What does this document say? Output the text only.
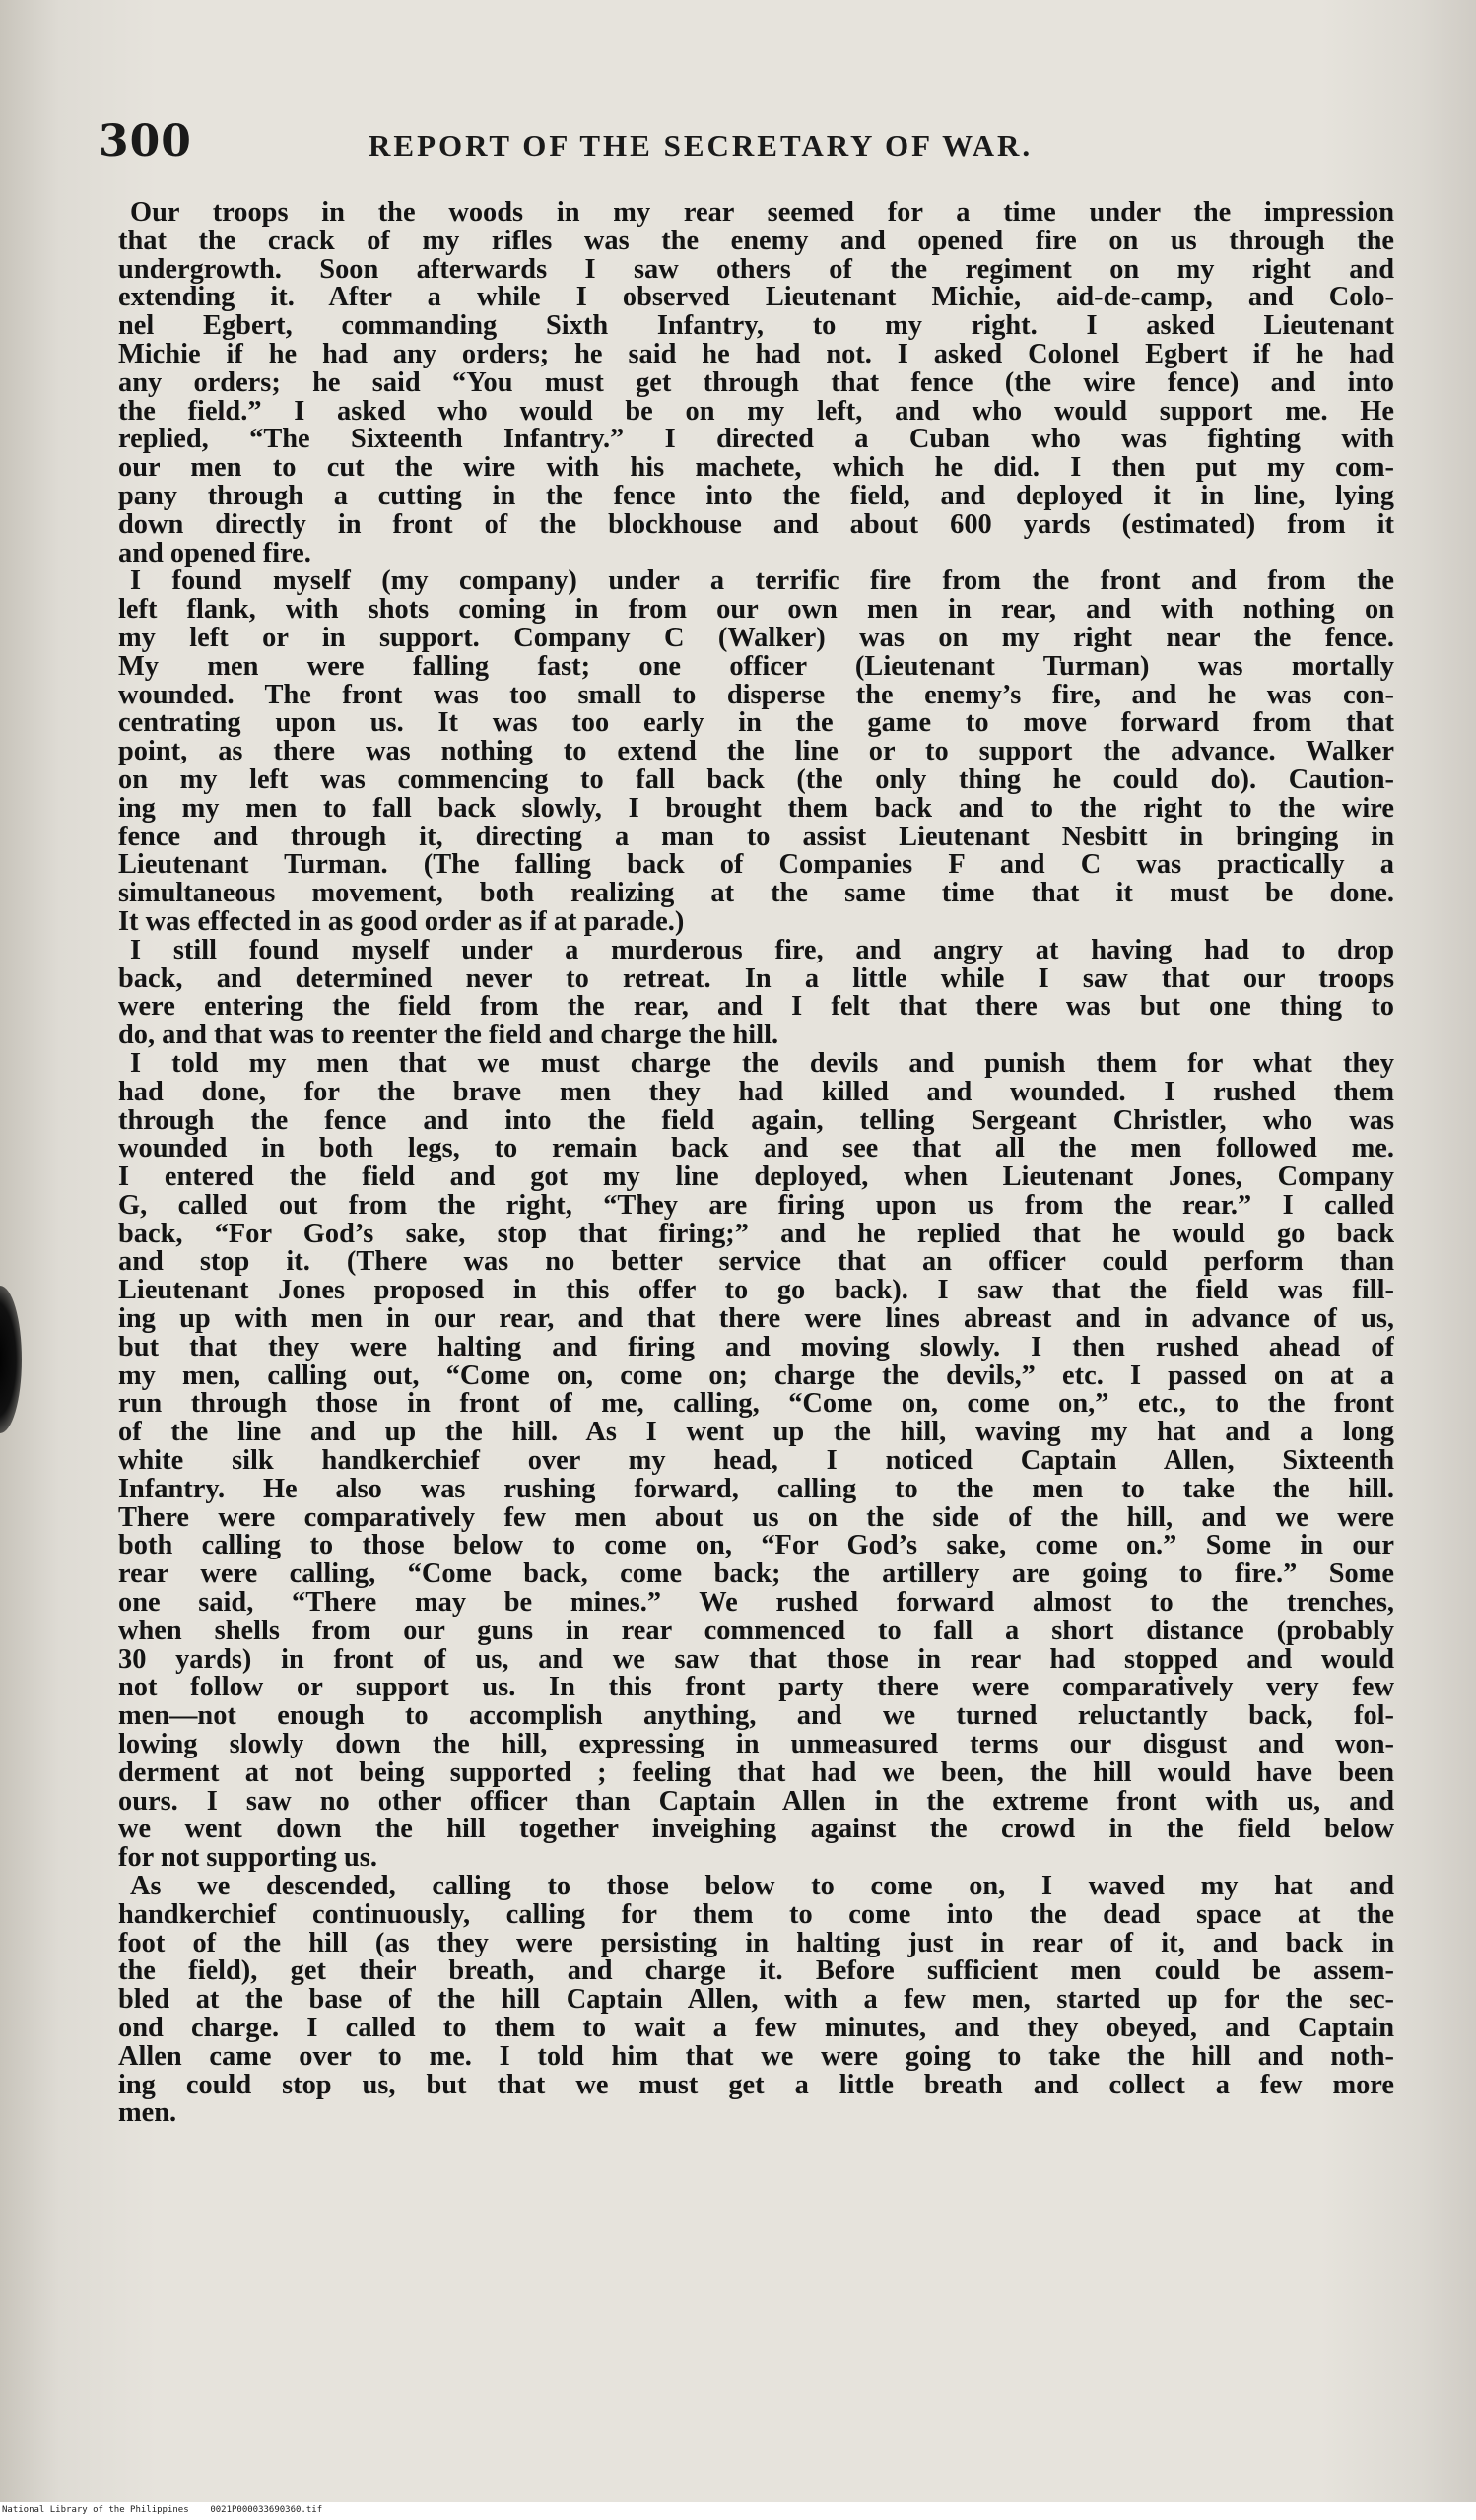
300	REPORT OF THE SECRETARY OF WAR.
Our troops in the woods in my rear seemed for a time under the impression
that the crack of my rifles was the enemy and opened fire on us through the
undergrowth. Soon afterwards I saw others of the regiment on my right and
extending it. After a while I observed Lieutenant Michie, aid-de-camp, and Colo-
nel Egbert, commanding Sixth Infantry, to my right. I asked Lieutenant
Michie if he had any orders; he said he had not. I asked Colonel Egbert if he had
any orders; he said “You must get through that fence (the wire fence) and into
the field.” I asked who would be on my left, and who would support me. He
replied, “The Sixteenth Infantry.” I directed a Cuban who was fighting with
our men to cut the wire with his machete, which he did. I then put my com-
pany through a cutting in the fence into the field, and deployed it in line, lying
down directly in front of the blockhouse and about 600 yards (estimated) from it
and opened fire.
I found myself (my company) under a terrific fire from the front and from the
left flank, with shots coming in from our own men in rear, and with nothing on
my left or in support. Company C (Walker) was on my right near the fence.
My men were falling fast; one officer (Lieutenant Turman) was mortally
wounded. The front was too small to disperse the enemy’s fire, and he was con-
centrating upon us. It was too early in the game to move forward from that
point, as there was nothing to extend the line or to support the advance. Walker
on my left was commencing to fall back (the only thing he could do). Caution-
ing my men to fall back slowly, I brought them back and to the right to the wire
fence and through it, directing a man to assist Lieutenant Nesbitt in bringing in
Lieutenant Turman. (The falling back of Companies F and C was practically a
simultaneous movement, both realizing at the same time that it must be done.
It was effected in as good order as if at parade.)
I still found myself under a murderous fire, and angry at having had to drop
back, and determined never to retreat. In a little while I saw that our troops
were entering the field from the rear, and I felt that there was but one thing to
do, and that was to reenter the field and charge the hill.
I told my men that we must charge the devils and punish them for what they
had done, for the brave men they had killed and wounded. I rushed them
through the fence and into the field again, telling Sergeant Christler, who was
wounded in both legs, to remain back and see that all the men followed me.
I entered the field and got my line deployed, when Lieutenant Jones, Company
G, called out from the right, “They are firing upon us from the rear.” I called
back, “For God’s sake, stop that firing;” and he replied that he would go back
and stop it. (There was no better service that an officer could perform than
Lieutenant Jones proposed in this offer to go back). I saw that the field was fill-
ing up with men in our rear, and that there were lines abreast and in advance of us,
but that they were halting and firing and moving slowly. I then rushed ahead of
my men, calling out, “Come on, come on; charge the devils,” etc. I passed on at a
run through those in front of me, calling, “Come on, come on,” etc., to the front
of the line and up the hill. As I went up the hill, waving my hat and a long
white silk handkerchief over my head, I noticed Captain Allen, Sixteenth
Infantry. He also was rushing forward, calling to the men to take the hill.
There were comparatively few men about us on the side of the hill, and we were
both calling to those below to come on, “For God’s sake, come on.” Some in our
rear were calling, “Come back, come back; the artillery are going to fire.” Some
one said, “There may be mines.” We rushed forward almost to the trenches,
when shells from our guns in rear commenced to fall a short distance (probably
30 yards) in front of us, and we saw that those in rear had stopped and would
not follow or support us. In this front party there were comparatively very few
men—not enough to accomplish anything, and we turned reluctantly back, fol-
lowing slowly down the hill, expressing in unmeasured terms our disgust and won-
derment at not being supported ; feeling that had we been, the hill would have been
ours. I saw no other officer than Captain Allen in the extreme front with us, and
we went down the hill together inveighing against the crowd in the field below
for not supporting us.
As we descended, calling to those below to come on, I waved my hat and
handkerchief continuously, calling for them to come into the dead space at the
foot of the hill (as they were persisting in halting just in rear of it, and back in
the field), get their breath, and charge it. Before sufficient men could be assem-
bled at the base of the hill Captain Allen, with a few men, started up for the sec-
ond charge. I called to them to wait a few minutes, and they obeyed, and Captain
Allen came over to me. I told him that we were going to take the hill and noth-
ing could stop us, but that we must get a little breath and collect a few more
men.
National Library of the Philippines    0021P000033690360.tif
